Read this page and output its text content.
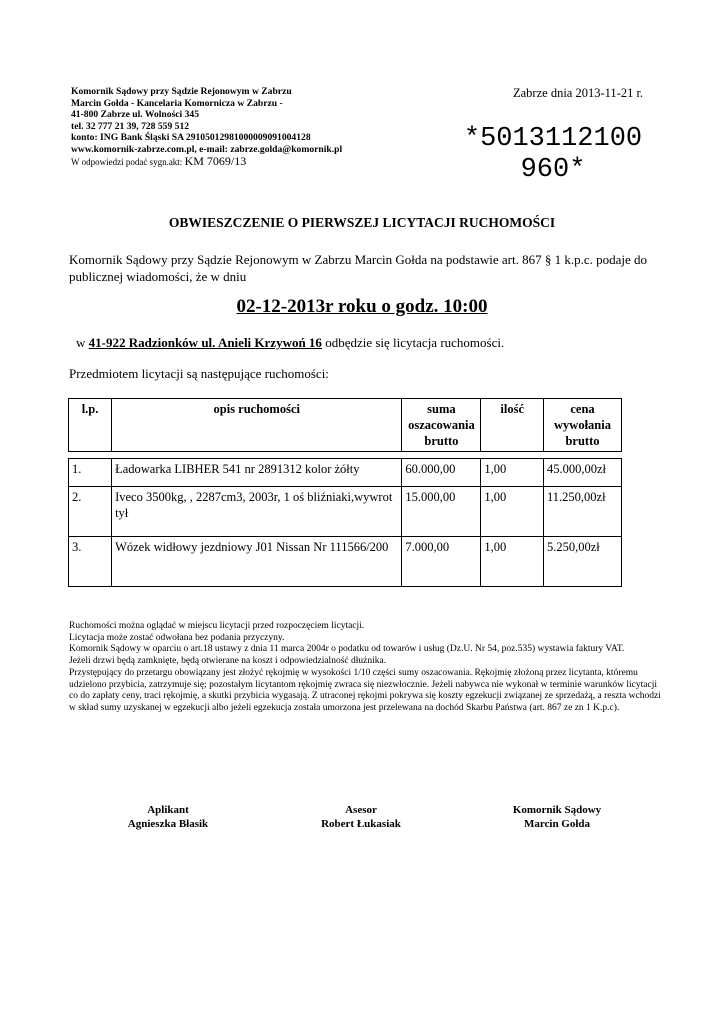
Komornik Sądowy przy Sądzie Rejonowym w Zabrzu
Marcin Gołda - Kancelaria Komornicza w Zabrzu -
41-800 Zabrze ul. Wolności 345
tel. 32 777 21 39, 728 559 512
konto: ING Bank Śląski SA 29105012981000009091004128
www.komornik-zabrze.com.pl, e-mail: zabrze.golda@komornik.pl
W odpowiedzi podać sygn.akt: KM 7069/13
Zabrze dnia 2013-11-21 r.
*5013112100
960*
OBWIESZCZENIE O PIERWSZEJ LICYTACJI RUCHOMOŚCI
Komornik Sądowy przy Sądzie Rejonowym w Zabrzu Marcin Gołda na podstawie art. 867 § 1 k.p.c. podaje do publicznej wiadomości, że w dniu
02-12-2013r roku o godz. 10:00
w 41-922 Radzionków ul. Anieli Krzywoń 16 odbędzie się licytacja ruchomości.
Przedmiotem licytacji są następujące ruchomości:
l.p.	opis ruchomości	suma oszacowania brutto	ilość	cena wywołania brutto
1.	Ładowarka LIBHER 541 nr 2891312 kolor żółty	60.000,00	1,00	45.000,00zł
2.	Iveco 3500kg, , 2287cm3, 2003r, 1 oś bliźniaki,wywrot tył	15.000,00	1,00	11.250,00zł
3.	Wózek widłowy jezdniowy J01 Nissan Nr 111566/200	7.000,00	1,00	5.250,00zł
Ruchomości można oglądać w miejscu licytacji przed rozpoczęciem licytacji.
Licytacja może zostać odwołana bez podania przyczyny.
Komornik Sądowy w oparciu o art.18 ustawy z dnia 11 marca 2004r o podatku od towarów i usług (Dz.U. Nr 54, poz.535) wystawia faktury VAT.
Jeżeli drzwi będą zamknięte, będą otwierane na koszt i odpowiedzialność dłużnika.
Przystępujący do przetargu obowiązany jest złożyć rękojmię w wysokości 1/10 części sumy oszacowania. Rękojmię złożoną przez licytanta, któremu udzielono przybicia, zatrzymuje się; pozostałym licytantom rękojmię zwraca się niezwłocznie. Jeżeli nabywca nie wykonał w terminie warunków licytacji co do zapłaty ceny, traci rękojmię, a skutki przybicia wygasają. Z utraconej rękojmi pokrywa się koszty egzekucji związanej ze sprzedażą, a reszta wchodzi w skład sumy uzyskanej w egzekucji albo jeżeli egzekucja została umorzona jest przelewana na dochód Skarbu Państwa (art. 867 ze zn 1 K.p.c).
Aplikant
Agnieszka Błasik
Asesor
Robert Łukasiak
Komornik Sądowy
Marcin Gołda
